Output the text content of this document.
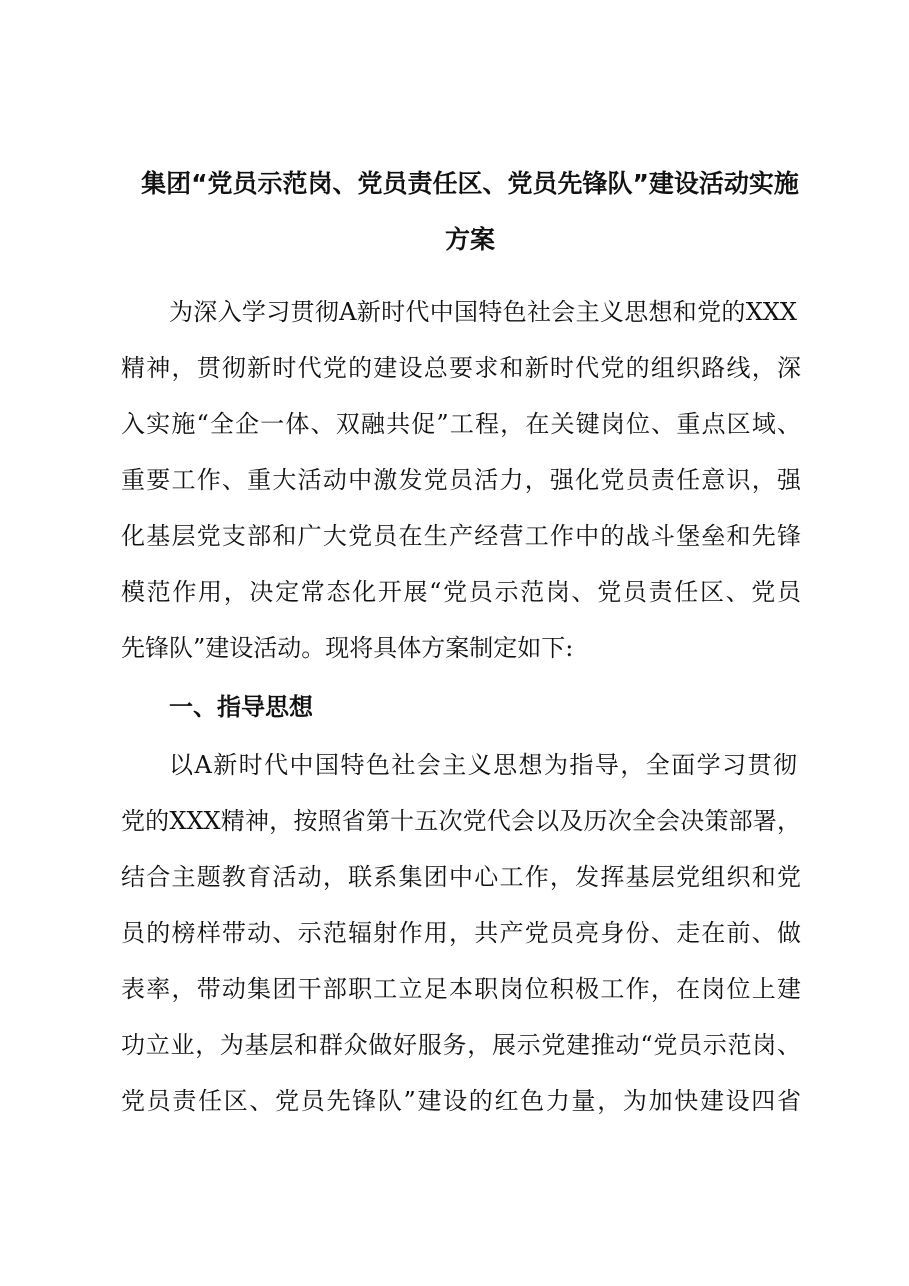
集团“党员示范岗、党员责任区、党员先锋队”建设活动实施
方案
为深入学习贯彻A新时代中国特色社会主义思想和党的XXX
精神，贯彻新时代党的建设总要求和新时代党的组织路线，深
入实施“全企一体、双融共促”工程，在关键岗位、重点区域、
重要工作、重大活动中激发党员活力，强化党员责任意识，强
化基层党支部和广大党员在生产经营工作中的战斗堡垒和先锋
模范作用，决定常态化开展“党员示范岗、党员责任区、党员
先锋队”建设活动。现将具体方案制定如下:
一、指导思想
以A新时代中国特色社会主义思想为指导，全面学习贯彻
党的XXX精神，按照省第十五次党代会以及历次全会决策部署，
结合主题教育活动，联系集团中心工作，发挥基层党组织和党
员的榜样带动、示范辐射作用，共产党员亮身份、走在前、做
表率，带动集团干部职工立足本职岗位积极工作，在岗位上建
功立业，为基层和群众做好服务，展示党建推动“党员示范岗、
党员责任区、党员先锋队”建设的红色力量，为加快建设四省
